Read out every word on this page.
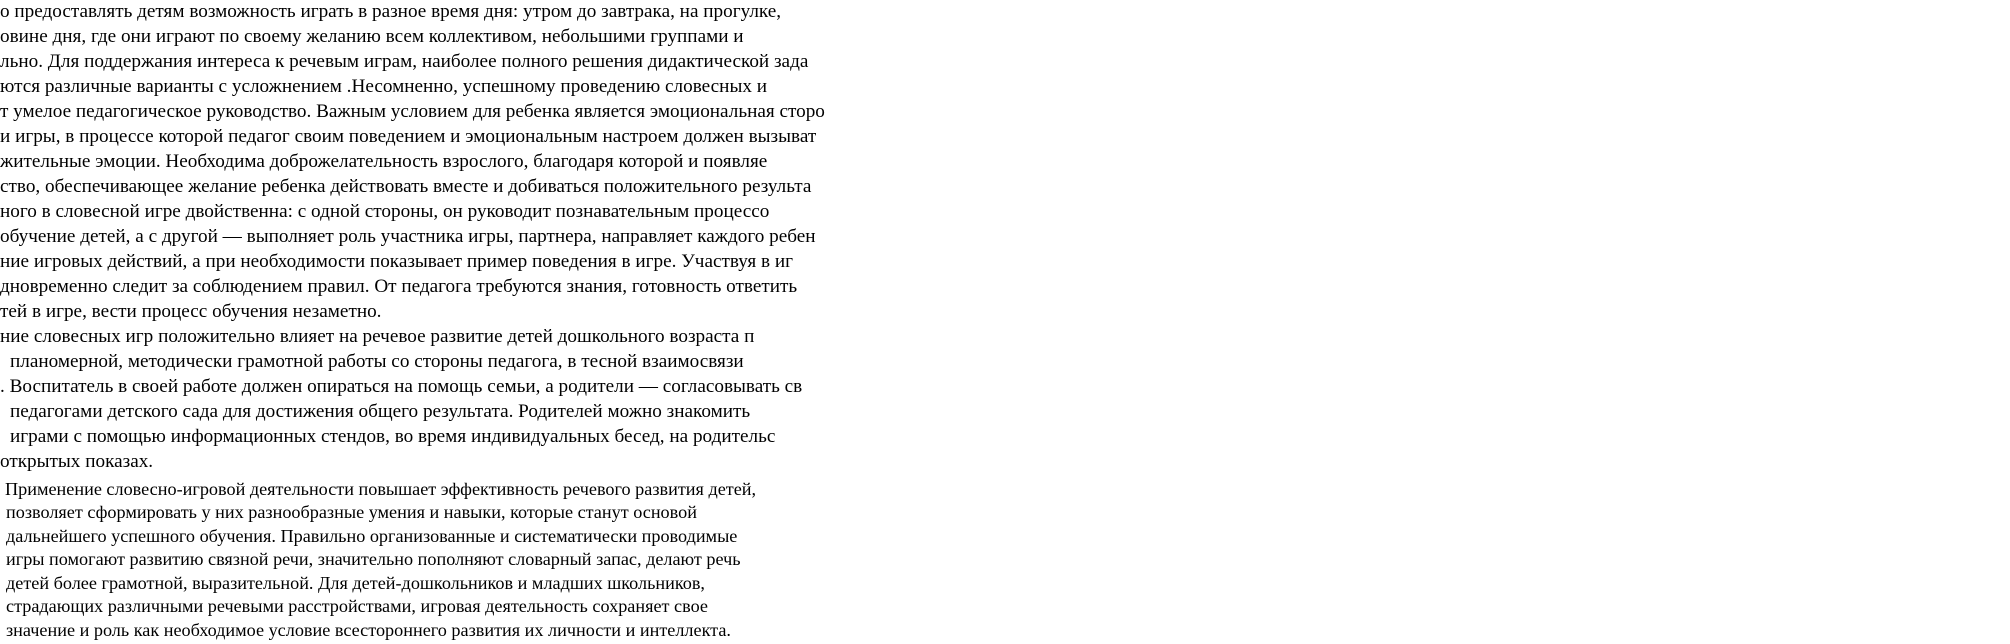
о предоставлять детям возможность играть в разное время дня: утром до завтрака, на прогулке,
овине дня, где они играют по своему желанию всем коллективом, небольшими группами и
льно. Для поддержания интереса к речевым играм, наиболее полного решения дидактической зада
ются различные варианты с усложнением .Несомненно, успешному проведению словесных и
т умелое педагогическое руководство. Важным условием для ребенка является эмоциональная сторо
и игры, в процессе которой педагог своим поведением и эмоциональным настроем должен вызыват
жительные эмоции. Необходима доброжелательность взрослого, благодаря которой и появляе
ство, обеспечивающее желание ребенка действовать вместе и добиваться положительного результа
ного в словесной игре двойственна: с одной стороны, он руководит познавательным процессо
обучение детей, а с другой — выполняет роль участника игры, партнера, направляет каждого ребен
ние игровых действий, а при необходимости показывает пример поведения в игре. Участвуя в иг
дновременно следит за соблюдением правил. От педагога требуются знания, готовность ответить
тей в игре, вести процесс обучения незаметно.
ние словесных игр положительно влияет на речевое развитие детей дошкольного возраста п
планомерной, методически грамотной работы со стороны педагога, в тесной взаимосвязи
. Воспитатель в своей работе должен опираться на помощь семьи, а родители — согласовывать св
педагогами детского сада для достижения общего результата. Родителей можно знакомить
играми с помощью информационных стендов, во время индивидуальных бесед, на родительс
открытых показах.
Применение словесно-игровой деятельности повышает эффективность речевого развития детей,
позволяет сформировать у них разнообразные умения и навыки, которые станут основой
дальнейшего успешного обучения. Правильно организованные и систематически проводимые
игры помогают развитию связной речи, значительно пополняют словарный запас, делают речь
детей более грамотной, выразительной. Для детей-дошкольников и младших школьников,
страдающих различными речевыми расстройствами, игровая деятельность сохраняет свое
значение и роль как необходимое условие всестороннего развития их личности и интеллекта.
